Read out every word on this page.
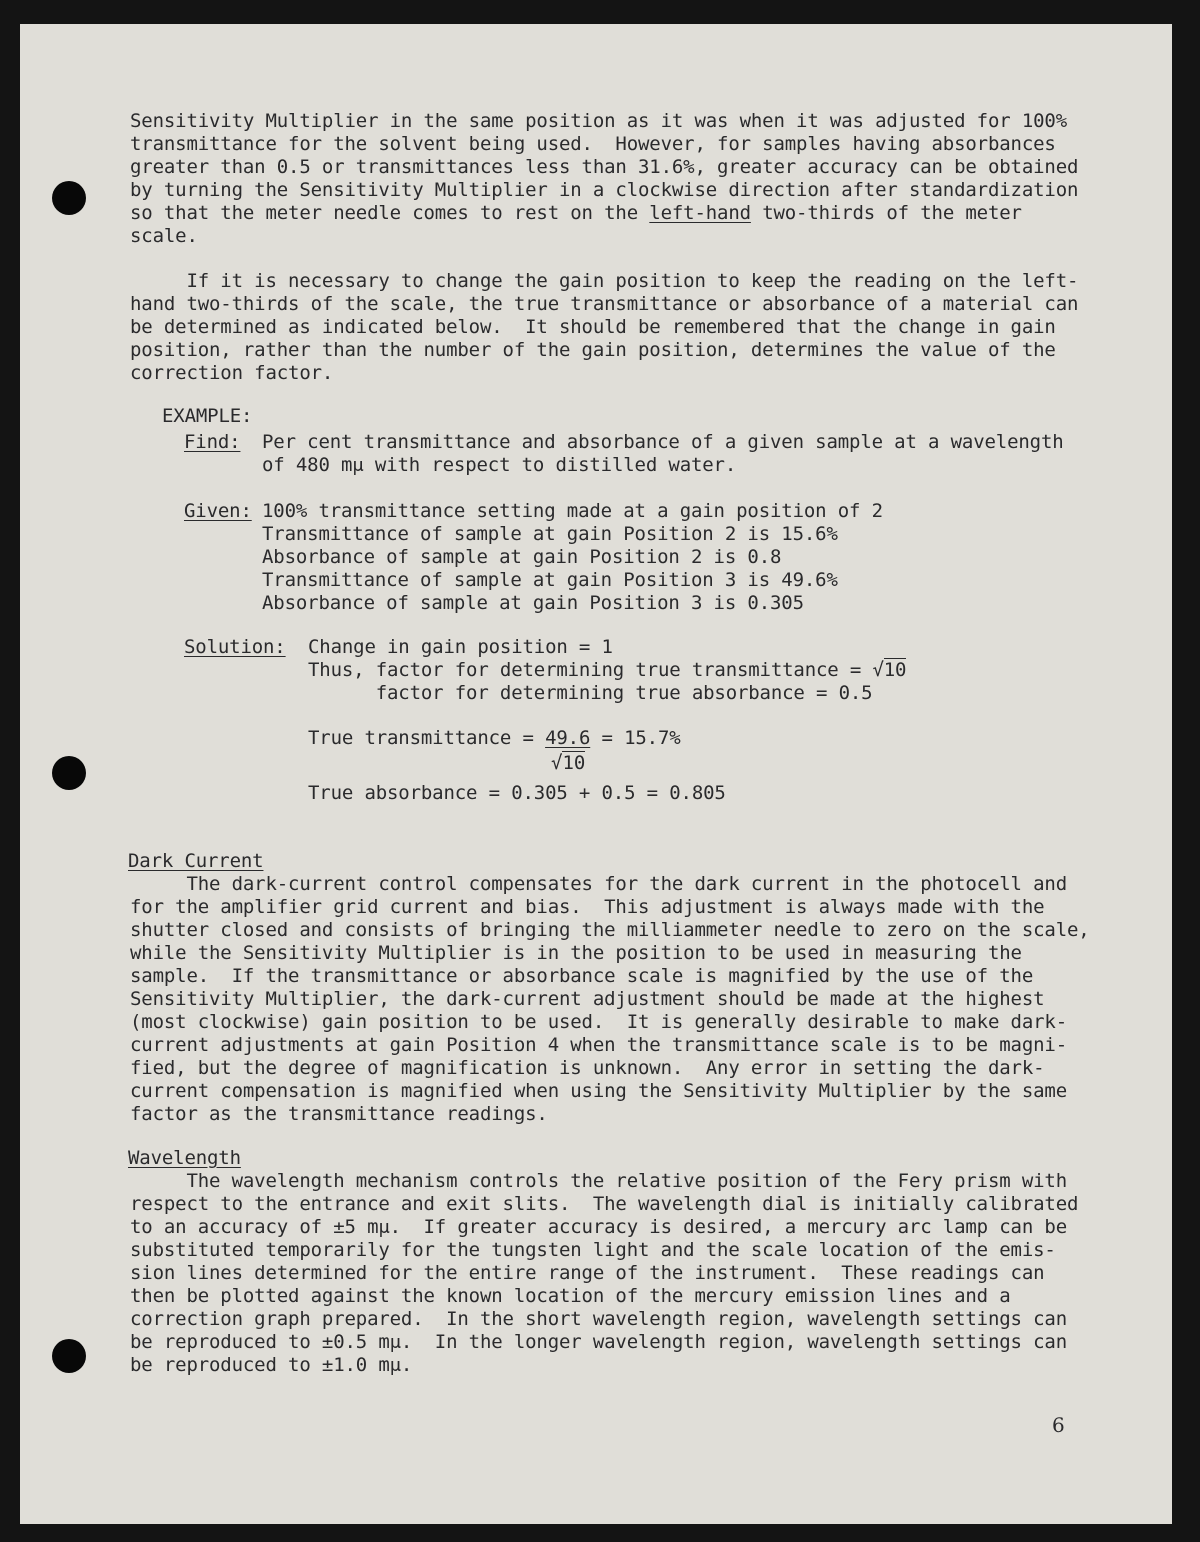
Sensitivity Multiplier in the same position as it was when it was adjusted for 100%
transmittance for the solvent being used.  However, for samples having absorbances
greater than 0.5 or transmittances less than 31.6%, greater accuracy can be obtained
by turning the Sensitivity Multiplier in a clockwise direction after standardization
so that the meter needle comes to rest on the left-hand two-thirds of the meter
scale.
If it is necessary to change the gain position to keep the reading on the left-
hand two-thirds of the scale, the true transmittance or absorbance of a material can
be determined as indicated below.  It should be remembered that the change in gain
position, rather than the number of the gain position, determines the value of the
correction factor.
EXAMPLE:
Find: Per cent transmittance and absorbance of a given sample at a wavelength
of 480 mμ with respect to distilled water.
Given: 100% transmittance setting made at a gain position of 2
Transmittance of sample at gain Position 2 is 15.6%
Absorbance of sample at gain Position 2 is 0.8
Transmittance of sample at gain Position 3 is 49.6%
Absorbance of sample at gain Position 3 is 0.305
Solution: Change in gain position = 1
Thus, factor for determining true transmittance = √10
factor for determining true absorbance = 0.5
True transmittance = 49.6 = 15.7%
√10
True absorbance = 0.305 + 0.5 = 0.805
Dark Current
The dark-current control compensates for the dark current in the photocell and
for the amplifier grid current and bias.  This adjustment is always made with the
shutter closed and consists of bringing the milliammeter needle to zero on the scale,
while the Sensitivity Multiplier is in the position to be used in measuring the
sample.  If the transmittance or absorbance scale is magnified by the use of the
Sensitivity Multiplier, the dark-current adjustment should be made at the highest
(most clockwise) gain position to be used.  It is generally desirable to make dark-
current adjustments at gain Position 4 when the transmittance scale is to be magni-
fied, but the degree of magnification is unknown.  Any error in setting the dark-
current compensation is magnified when using the Sensitivity Multiplier by the same
factor as the transmittance readings.
Wavelength
The wavelength mechanism controls the relative position of the Fery prism with
respect to the entrance and exit slits.  The wavelength dial is initially calibrated
to an accuracy of ±5 mμ.  If greater accuracy is desired, a mercury arc lamp can be
substituted temporarily for the tungsten light and the scale location of the emis-
sion lines determined for the entire range of the instrument.  These readings can
then be plotted against the known location of the mercury emission lines and a
correction graph prepared.  In the short wavelength region, wavelength settings can
be reproduced to ±0.5 mμ.  In the longer wavelength region, wavelength settings can
be reproduced to ±1.0 mμ.
6
